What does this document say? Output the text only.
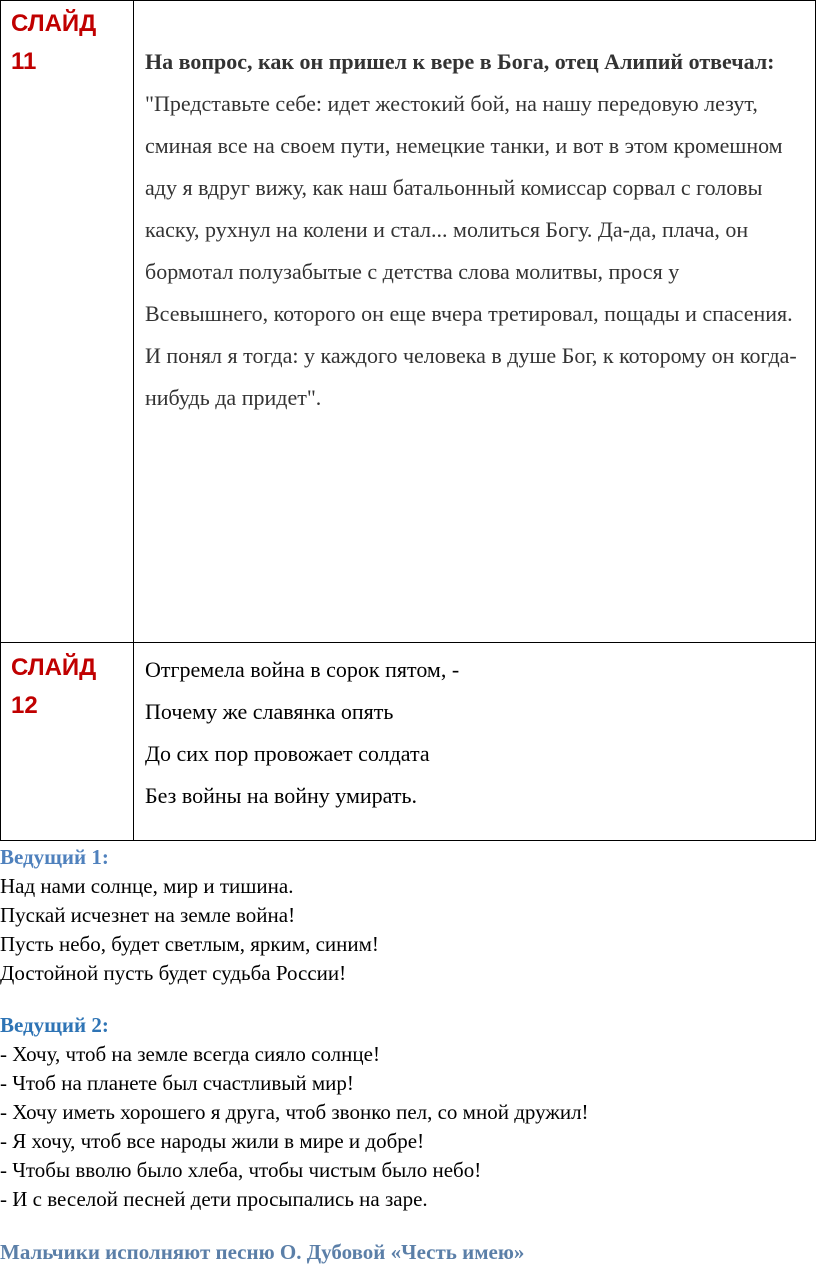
СЛАЙД 11	На вопрос, как он пришел к вере в Бога, отец Алипий отвечал:

"Представьте себе: идет жестокий бой, на нашу передовую лезут, сминая все на своем пути, немецкие танки, и вот в этом кромешном аду я вдруг вижу, как наш батальонный комиссар сорвал с головы каску, рухнул на колени и стал... молиться Богу. Да-да, плача, он бормотал полузабытые с детства слова молитвы, прося у Всевышнего, которого он еще вчера третировал, пощады и спасения. И понял я тогда: у каждого человека в душе Бог, к которому он когда-нибудь да придет".

СЛАЙД 12	Отгремела война в сорок пятом, -

Почему же славянка опять

До сих пор провожает солдата

Без войны на войну умирать.

Ведущий 1:

Над нами солнце, мир и тишина.

Пускай исчезнет на земле война!

Пусть небо, будет светлым, ярким, синим!

Достойной пусть будет судьба России!

Ведущий 2:

- Хочу, чтоб на земле всегда сияло солнце!

- Чтоб на планете был счастливый мир!

- Хочу иметь хорошего я друга, чтоб звонко пел, со мной дружил!

- Я хочу, чтоб все народы жили в мире и добре!

- Чтобы вволю было хлеба, чтобы чистым было небо!

- И с веселой песней дети просыпались на заре.

Мальчики исполняют песню О. Дубовой «Честь имею»
